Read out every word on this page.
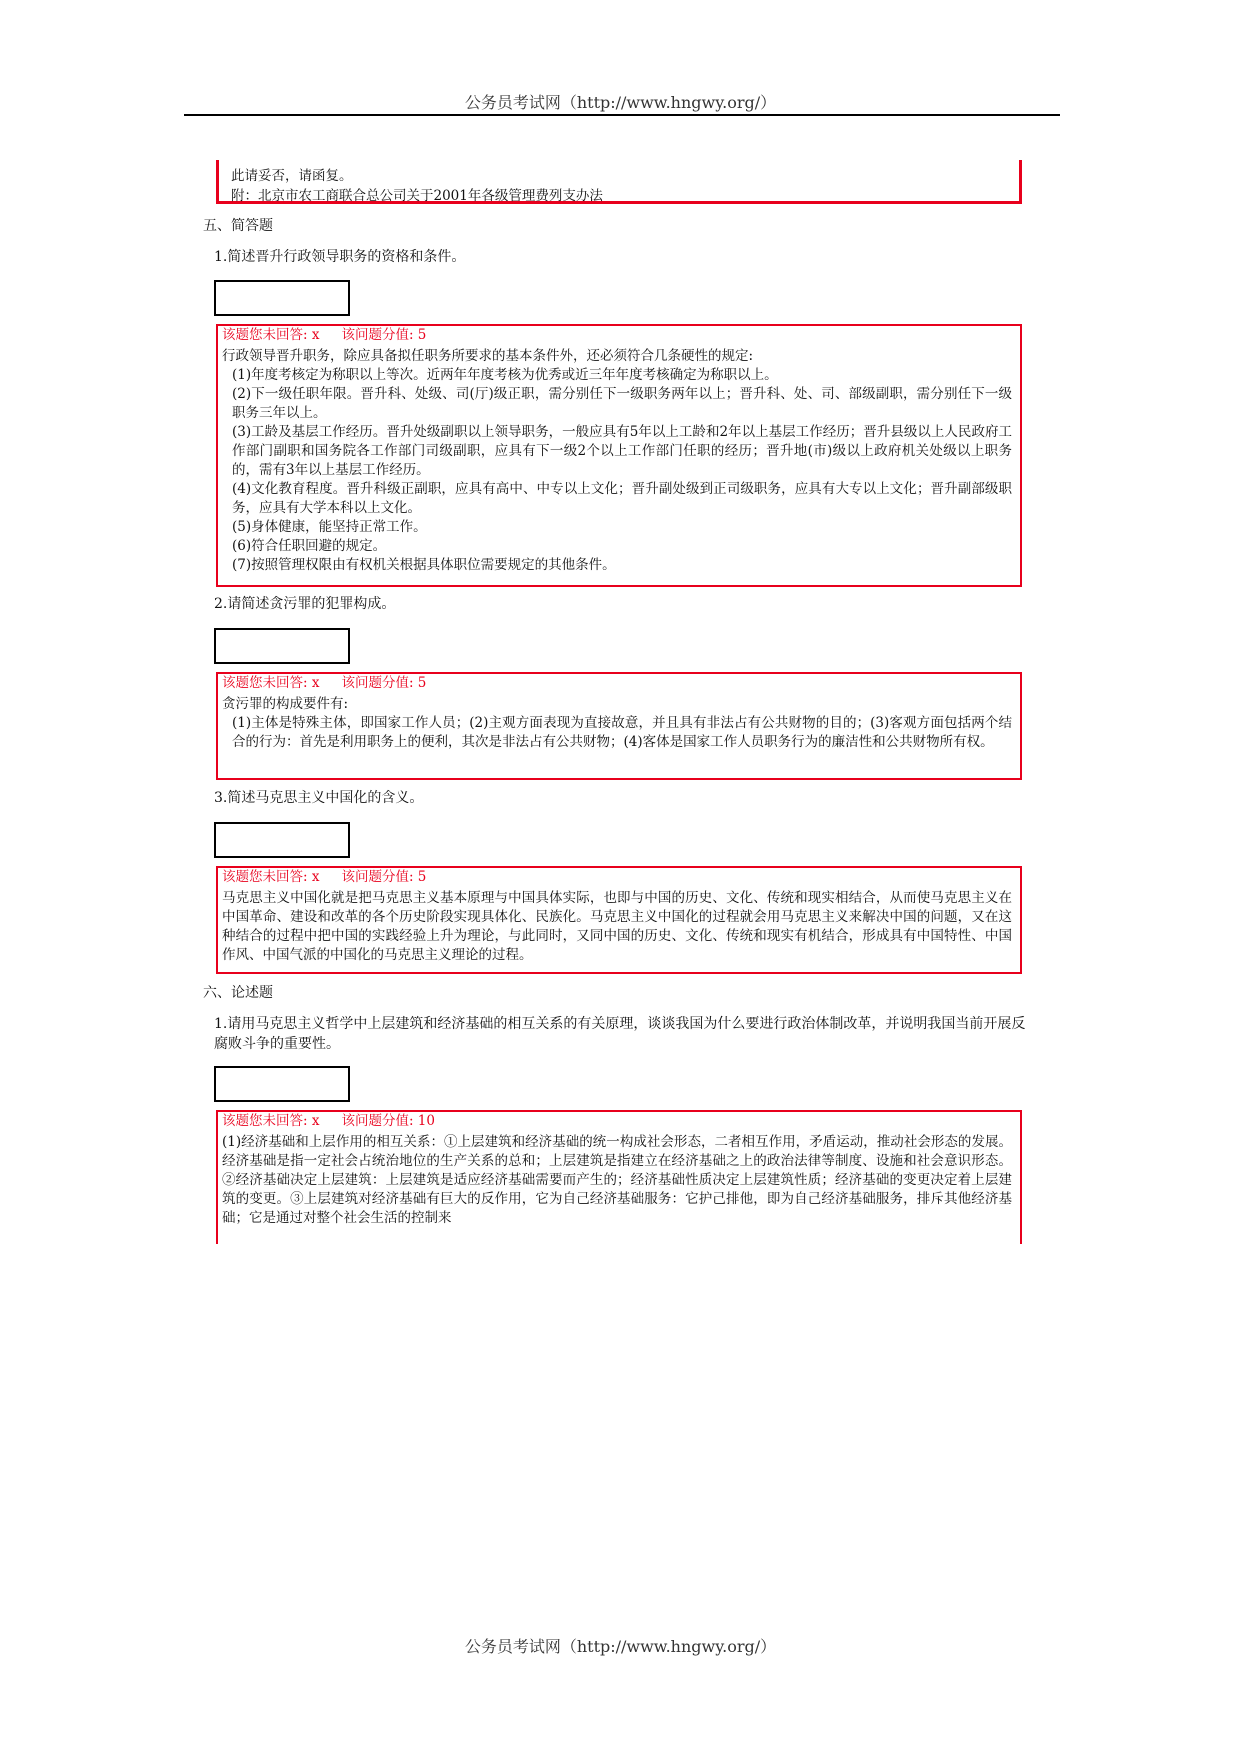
公务员考试网（http://www.hngwy.org/）

此请妥否，请函复。

附：北京市农工商联合总公司关于2001年各级管理费列支办法

五、简答题
1.简述晋升行政领导职务的资格和条件。
该题您未回答: x 该问题分值: 5

行政领导晋升职务，除应具备拟任职务所要求的基本条件外，还必须符合几条硬性的规定:

(1)年度考核定为称职以上等次。近两年年度考核为优秀或近三年年度考核确定为称职以上。

(2)下一级任职年限。晋升科、处级、司(厅)级正职，需分别任下一级职务两年以上；晋升科、处、司、部级副职，需分别任下一级职务三年以上。

(3)工龄及基层工作经历。晋升处级副职以上领导职务，一般应具有5年以上工龄和2年以上基层工作经历；晋升县级以上人民政府工作部门副职和国务院各工作部门司级副职，应具有下一级2个以上工作部门任职的经历；晋升地(市)级以上政府机关处级以上职务的，需有3年以上基层工作经历。

(4)文化教育程度。晋升科级正副职，应具有高中、中专以上文化；晋升副处级到正司级职务，应具有大专以上文化；晋升副部级职务，应具有大学本科以上文化。

(5)身体健康，能坚持正常工作。

(6)符合任职回避的规定。

(7)按照管理权限由有权机关根据具体职位需要规定的其他条件。

2.请简述贪污罪的犯罪构成。
该题您未回答: x 该问题分值: 5

贪污罪的构成要件有:

(1)主体是特殊主体，即国家工作人员；(2)主观方面表现为直接故意，并且具有非法占有公共财物的目的；(3)客观方面包括两个结合的行为：首先是利用职务上的便利，其次是非法占有公共财物；(4)客体是国家工作人员职务行为的廉洁性和公共财物所有权。

3.简述马克思主义中国化的含义。
该题您未回答: x 该问题分值: 5

马克思主义中国化就是把马克思主义基本原理与中国具体实际，也即与中国的历史、文化、传统和现实相结合，从而使马克思主义在中国革命、建设和改革的各个历史阶段实现具体化、民族化。马克思主义中国化的过程就会用马克思主义来解决中国的问题，又在这种结合的过程中把中国的实践经验上升为理论，与此同时，又同中国的历史、文化、传统和现实有机结合，形成具有中国特性、中国作风、中国气派的中国化的马克思主义理论的过程。

六、论述题
1.请用马克思主义哲学中上层建筑和经济基础的相互关系的有关原理，谈谈我国为什么要进行政治体制改革，并说明我国当前开展反腐败斗争的重要性。
该题您未回答: x 该问题分值: 10

(1)经济基础和上层作用的相互关系：①上层建筑和经济基础的统一构成社会形态，二者相互作用，矛盾运动，推动社会形态的发展。经济基础是指一定社会占统治地位的生产关系的总和；上层建筑是指建立在经济基础之上的政治法律等制度、设施和社会意识形态。②经济基础决定上层建筑：上层建筑是适应经济基础需要而产生的；经济基础性质决定上层建筑性质；经济基础的变更决定着上层建筑的变更。③上层建筑对经济基础有巨大的反作用，它为自己经济基础服务：它护己排他，即为自己经济基础服务，排斥其他经济基础；它是通过对整个社会生活的控制来

公务员考试网（http://www.hngwy.org/）
